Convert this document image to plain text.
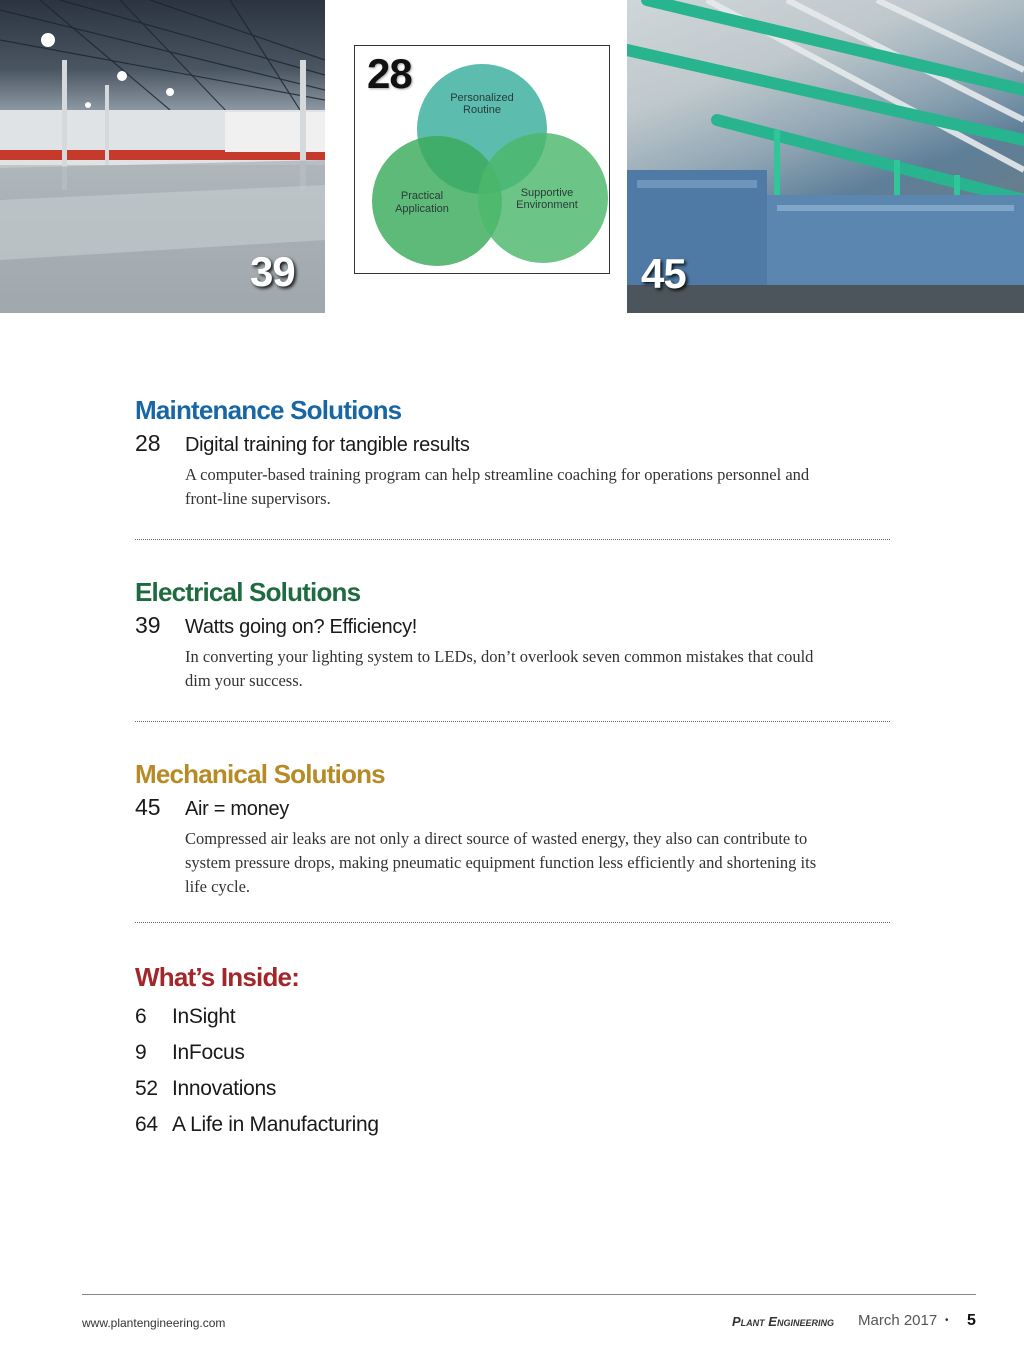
39
Personalized
Routine
Practical
Application
Supportive
Environment
28
45
Maintenance Solutions
28	Digital training for tangible results
A computer-based training program can help streamline coaching for operations personnel and
front-line supervisors.
Electrical Solutions
39	Watts going on? Efficiency!
In converting your lighting system to LEDs, don’t overlook seven common mistakes that could
dim your success.
Mechanical Solutions
45	Air = money
Compressed air leaks are not only a direct source of wasted energy, they also can contribute to
system pressure drops, making pneumatic equipment function less efficiently and shortening its
life cycle.
What’s Inside:
6	InSight
9	InFocus
52 Innovations
64 A Life in Manufacturing
www.plantengineering.com	Plant Engineering March 2017 • 5
